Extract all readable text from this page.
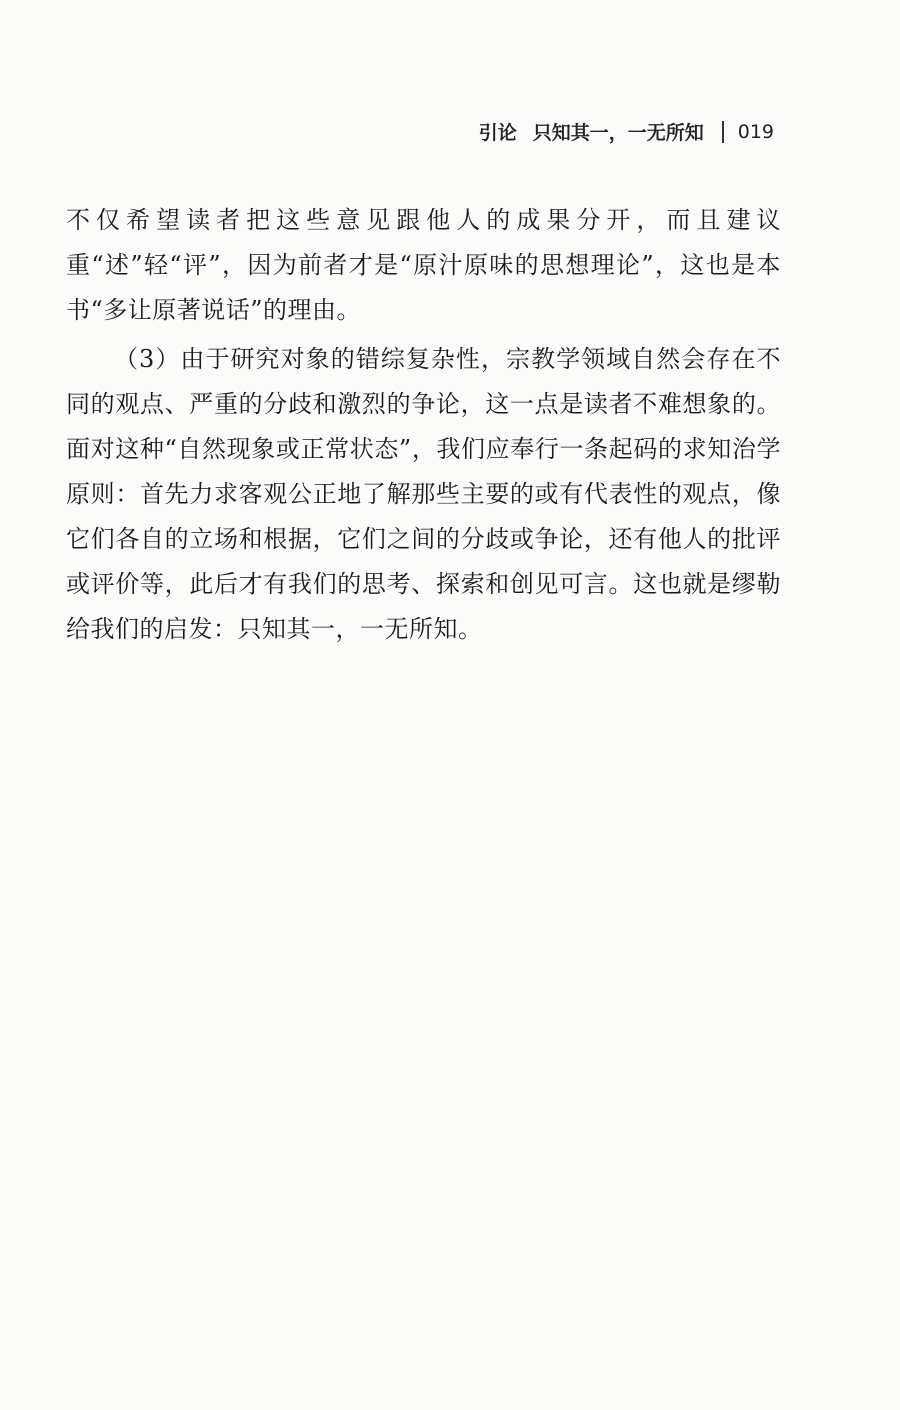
引论 只知其一，一无所知 019

不仅希望读者把这些意见跟他人的成果分开，而且建议重“述”轻“评”，因为前者才是“原汁原味的思想理论”，这也是本书“多让原著说话”的理由。

（3）由于研究对象的错综复杂性，宗教学领域自然会存在不同的观点、严重的分歧和激烈的争论，这一点是读者不难想象的。面对这种“自然现象或正常状态”，我们应奉行一条起码的求知治学原则：首先力求客观公正地了解那些主要的或有代表性的观点，像它们各自的立场和根据，它们之间的分歧或争论，还有他人的批评或评价等，此后才有我们的思考、探索和创见可言。这也就是缪勒给我们的启发：只知其一，一无所知。
